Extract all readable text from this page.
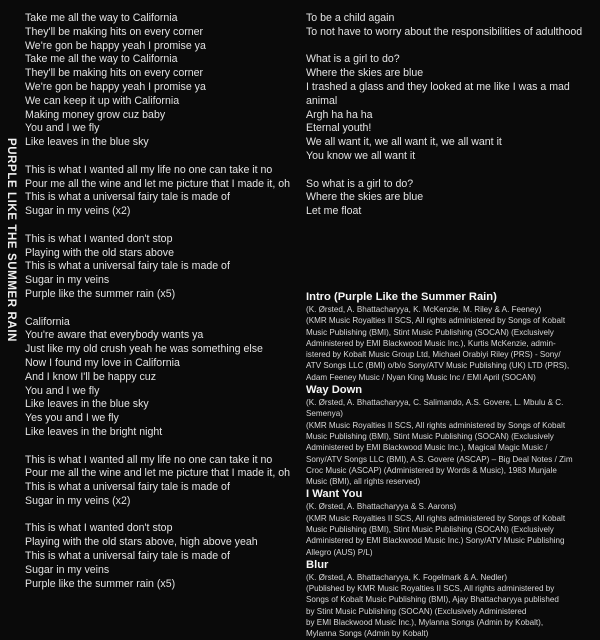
PURPLE LIKE THE SUMMER RAIN
Take me all the way to California
They'll be making hits on every corner
We're gon be happy yeah I promise ya
Take me all the way to California
They'll be making hits on every corner
We're gon be happy yeah I promise ya
We can keep it up with California
Making money grow cuz baby
You and I we fly
Like leaves in the blue sky
This is what I wanted all my life no one can take it no
Pour me all the wine and let me picture that I made it, oh
This is what a universal fairy tale is made of
Sugar in my veins (x2)
This is what I wanted don't stop
Playing with the old stars above
This is what a universal fairy tale is made of
Sugar in my veins
Purple like the summer rain (x5)
California
You're aware that everybody wants ya
Just like my old crush yeah he was something else
Now I found my love in California
And I know I'll be happy cuz
You and I we fly
Like leaves in the blue sky
Yes you and I we fly
Like leaves in the bright night
This is what I wanted all my life no one can take it no
Pour me all the wine and let me picture that I made it, oh
This is what a universal fairy tale is made of
Sugar in my veins (x2)
This is what I wanted don't stop
Playing with the old stars above, high above yeah
This is what a universal fairy tale is made of
Sugar in my veins
Purple like the summer rain (x5)
To be a child again
To not have to worry about the responsibilities of adulthood
What is a girl to do?
Where the skies are blue
I trashed a glass and they looked at me like I was a mad
animal
Argh ha ha ha
Eternal youth!
We all want it, we all want it, we all want it
You know we all want it
So what is a girl to do?
Where the skies are blue
Let me float
Intro (Purple Like the Summer Rain)
(K. Ørsted, A. Bhattacharyya, K. McKenzie, M. Riley & A. Feeney)
(KMR Music Royalties II SCS, All rights administered by Songs of Kobalt
Music Publishing (BMI), Stint Music Publishing (SOCAN) (Exclusively
Administered by EMI Blackwood Music Inc.), Kurtis McKenzie, admin-
istered by Kobalt Music Group Ltd, Michael Orabiyi Riley (PRS) - Sony/
ATV Songs LLC (BMI) o/b/o Sony/ATV Music Publishing (UK) LTD (PRS),
Adam Feeney Music / Nyan King Music Inc / EMI April (SOCAN)
Way Down
(K. Ørsted, A. Bhattacharyya, C. Salimando, A.S. Govere, L. Mbulu & C.
Semenya)
(KMR Music Royalties II SCS, All rights administered by Songs of Kobalt
Music Publishing (BMI), Stint Music Publishing (SOCAN) (Exclusively
Administered by EMI Blackwood Music Inc.), Magical Magic Music /
Sony/ATV Songs LLC (BMI), A.S. Govere (ASCAP) – Big Deal Notes / Zim
Croc Music (ASCAP) (Administered by Words & Music), 1983 Munjale
Music (BMI), all rights reserved)
I Want You
(K. Ørsted, A. Bhattacharyya & S. Aarons)
(KMR Music Royalties II SCS, All rights administered by Songs of Kobalt
Music Publishing (BMI), Stint Music Publishing (SOCAN) (Exclusively
Administered by EMI Blackwood Music Inc.) Sony/ATV Music Publishing
Allegro (AUS) P/L)
Blur
(K. Ørsted, A. Bhattacharyya, K. Fogelmark & A. Nedler)
(Published by KMR Music Royalties II SCS, All rights administered by
Songs of Kobalt Music Publishing (BMI), Ajay Bhattacharyya published
by Stint Music Publishing (SOCAN) (Exclusively Administered
by EMI Blackwood Music Inc.), Mylanna Songs (Admin by Kobalt),
Mylanna Songs (Admin by Kobalt)
